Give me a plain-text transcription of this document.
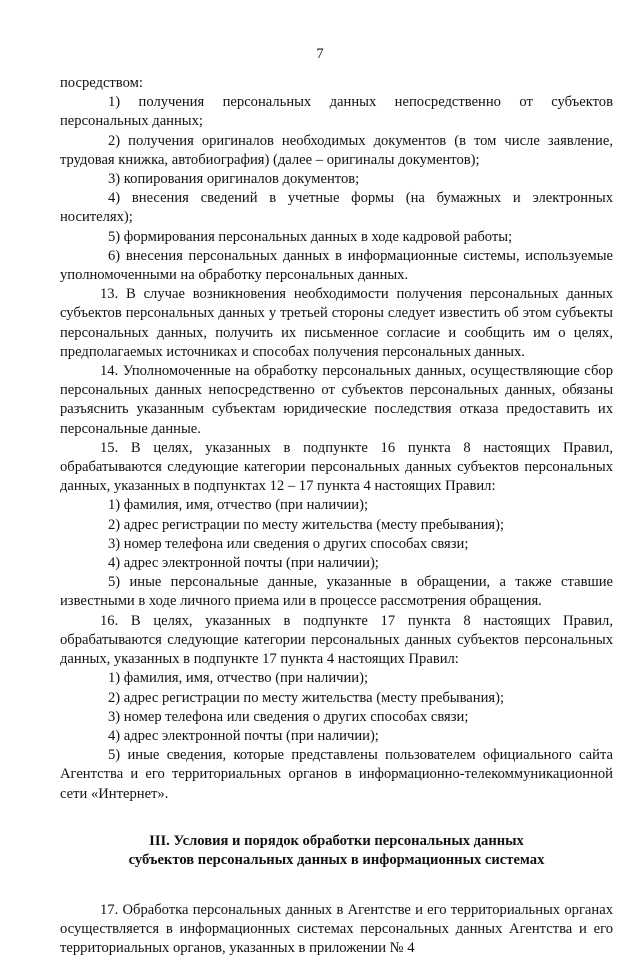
7

посредством:

1) получения персональных данных непосредственно от субъектов персональных данных;

2) получения оригиналов необходимых документов (в том числе заявление, трудовая книжка, автобиография) (далее – оригиналы документов);

3) копирования оригиналов документов;

4) внесения сведений в учетные формы (на бумажных и электронных носителях);

5) формирования персональных данных в ходе кадровой работы;

6) внесения персональных данных в информационные системы, используемые уполномоченными на обработку персональных данных.

13. В случае возникновения необходимости получения персональных данных субъектов персональных данных у третьей стороны следует известить об этом субъекты персональных данных, получить их письменное согласие и сообщить им о целях, предполагаемых источниках и способах получения персональных данных.

14. Уполномоченные на обработку персональных данных, осуществляющие сбор персональных данных непосредственно от субъектов персональных данных, обязаны разъяснить указанным субъектам юридические последствия отказа предоставить их персональные данные.

15. В целях, указанных в подпункте 16 пункта 8 настоящих Правил, обрабатываются следующие категории персональных данных субъектов персональных данных, указанных в подпунктах 12 – 17 пункта 4 настоящих Правил:

1) фамилия, имя, отчество (при наличии);

2) адрес регистрации по месту жительства (месту пребывания);

3) номер телефона или сведения о других способах связи;

4) адрес электронной почты (при наличии);

5) иные персональные данные, указанные в обращении, а также ставшие известными в ходе личного приема или в процессе рассмотрения обращения.

16. В целях, указанных в подпункте 17 пункта 8 настоящих Правил, обрабатываются следующие категории персональных данных субъектов персональных данных, указанных в подпункте 17 пункта 4 настоящих Правил:

1) фамилия, имя, отчество (при наличии);

2) адрес регистрации по месту жительства (месту пребывания);

3) номер телефона или сведения о других способах связи;

4) адрес электронной почты (при наличии);

5) иные сведения, которые представлены пользователем официального сайта Агентства и его территориальных органов в информационно-телекоммуникационной сети «Интернет».

III. Условия и порядок обработки персональных данных

субъектов персональных данных в информационных системах

17. Обработка персональных данных в Агентстве и его территориальных органах осуществляется в информационных системах персональных данных Агентства и его территориальных органов, указанных в приложении № 4
